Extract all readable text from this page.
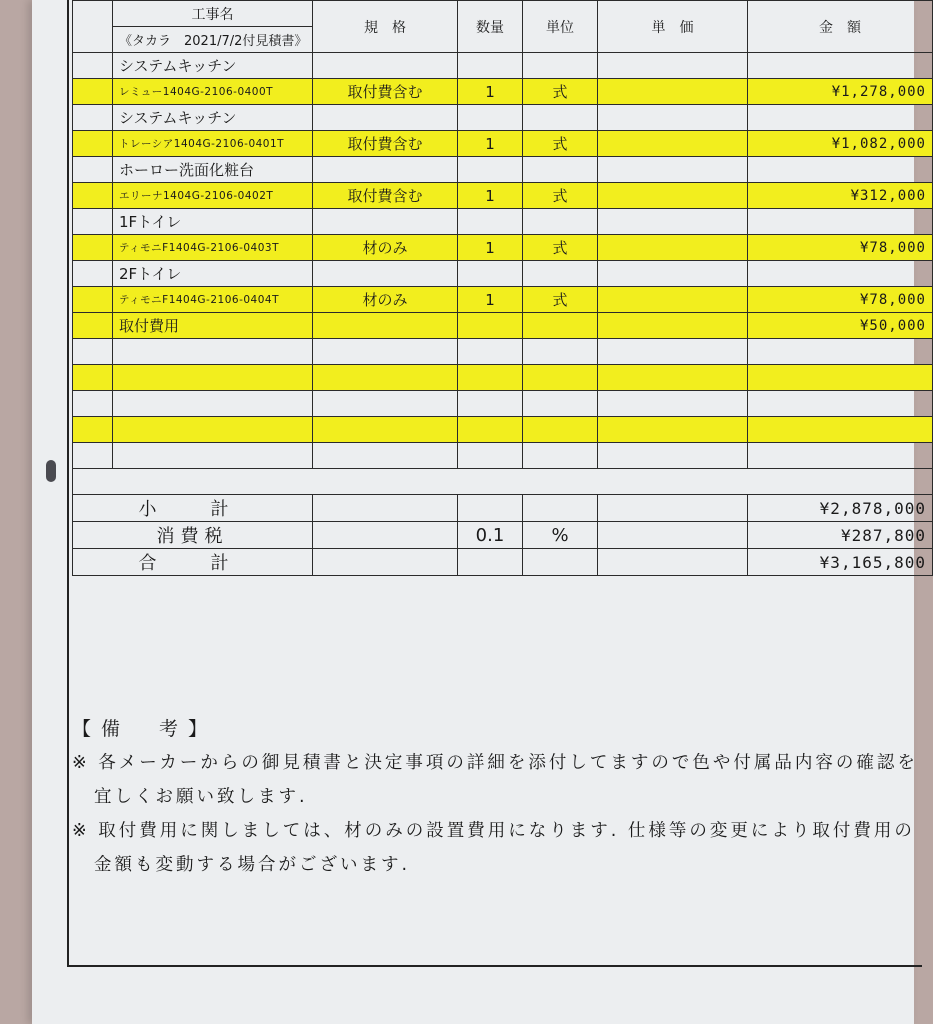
	工事名	規　格	数量	単位	単　価	金　額
	《タカラ　2021/7/2付見積書》					
	システムキッチン					
	レミュー1404G-2106-0400T	取付費含む	1	式		¥1,278,000
	システムキッチン					
	トレーシア1404G-2106-0401T	取付費含む	1	式		¥1,082,000
	ホーロー洗面化粧台					
	エリーナ1404G-2106-0402T	取付費含む	1	式		¥312,000
	1Fトイレ					
	ティモニF1404G-2106-0403T	材のみ	1	式		¥78,000
	2Fトイレ					
	ティモニF1404G-2106-0404T	材のみ	1	式		¥78,000
	取付費用					¥50,000

小　計						¥2,878,000
消費税			0.1	%		¥287,800
合　計						¥3,165,800
【備　考】

※ 各メーカーからの御見積書と決定事項の詳細を添付してますので色や付属品内容の確認を宜しくお願い致します.

※ 取付費用に関しましては、材のみの設置費用になります. 仕様等の変更により取付費用の金額も変動する場合がございます.
